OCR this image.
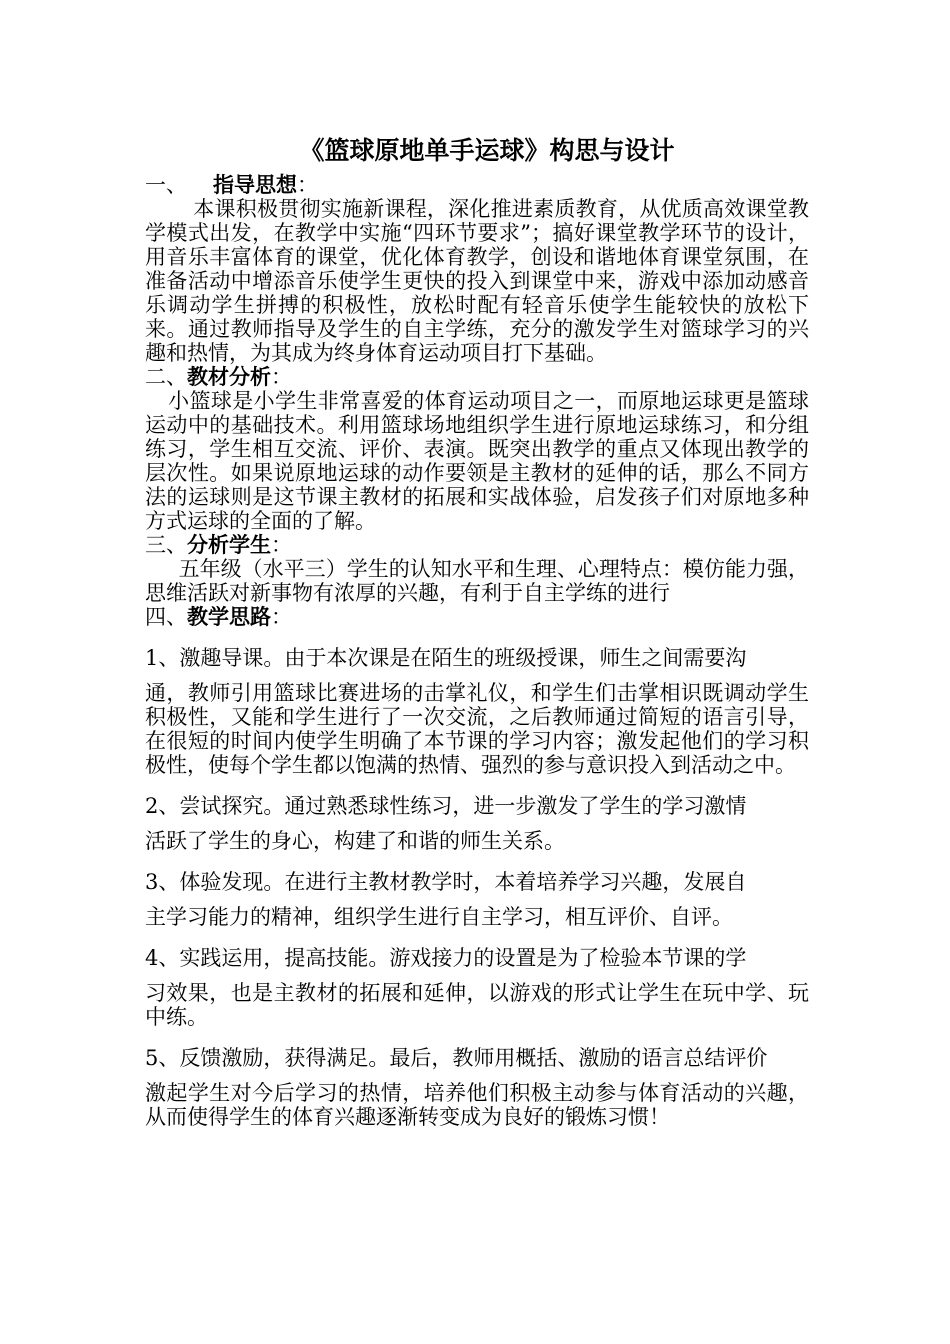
《篮球原地单手运球》构思与设计
一、 指导思想：

本课积极贯彻实施新课程，深化推进素质教育，从优质高效课堂教学模式出发，在教学中实施“四环节要求”；搞好课堂教学环节的设计，用音乐丰富体育的课堂，优化体育教学，创设和谐地体育课堂氛围，在准备活动中增添音乐使学生更快的投入到课堂中来，游戏中添加动感音乐调动学生拼搏的积极性，放松时配有轻音乐使学生能较快的放松下来。通过教师指导及学生的自主学练，充分的激发学生对篮球学习的兴趣和热情，为其成为终身体育运动项目打下基础。

二、教材分析：

小篮球是小学生非常喜爱的体育运动项目之一，而原地运球更是篮球运动中的基础技术。利用篮球场地组织学生进行原地运球练习，和分组练习，学生相互交流、评价、表演。既突出教学的重点又体现出教学的层次性。如果说原地运球的动作要领是主教材的延伸的话，那么不同方法的运球则是这节课主教材的拓展和实战体验，启发孩子们对原地多种方式运球的全面的了解。

三、分析学生：

五年级（水平三）学生的认知水平和生理、心理特点：模仿能力强，思维活跃对新事物有浓厚的兴趣，有利于自主学练的进行

四、教学思路：
1、激趣导课。由于本次课是在陌生的班级授课，师生之间需要沟
通，教师引用篮球比赛进场的击掌礼仪，和学生们击掌相识既调动学生积极性，又能和学生进行了一次交流，之后教师通过简短的语言引导，在很短的时间内使学生明确了本节课的学习内容；激发起他们的学习积极性，使每个学生都以饱满的热情、强烈的参与意识投入到活动之中。
2、尝试探究。通过熟悉球性练习，进一步激发了学生的学习激情
活跃了学生的身心，构建了和谐的师生关系。
3、体验发现。在进行主教材教学时，本着培养学习兴趣，发展自
主学习能力的精神，组织学生进行自主学习，相互评价、自评。
4、实践运用，提高技能。游戏接力的设置是为了检验本节课的学
习效果，也是主教材的拓展和延伸，以游戏的形式让学生在玩中学、玩中练。
5、反馈激励，获得满足。最后，教师用概括、激励的语言总结评价
激起学生对今后学习的热情，培养他们积极主动参与体育活动的兴趣，从而使得学生的体育兴趣逐渐转变成为良好的锻炼习惯！
